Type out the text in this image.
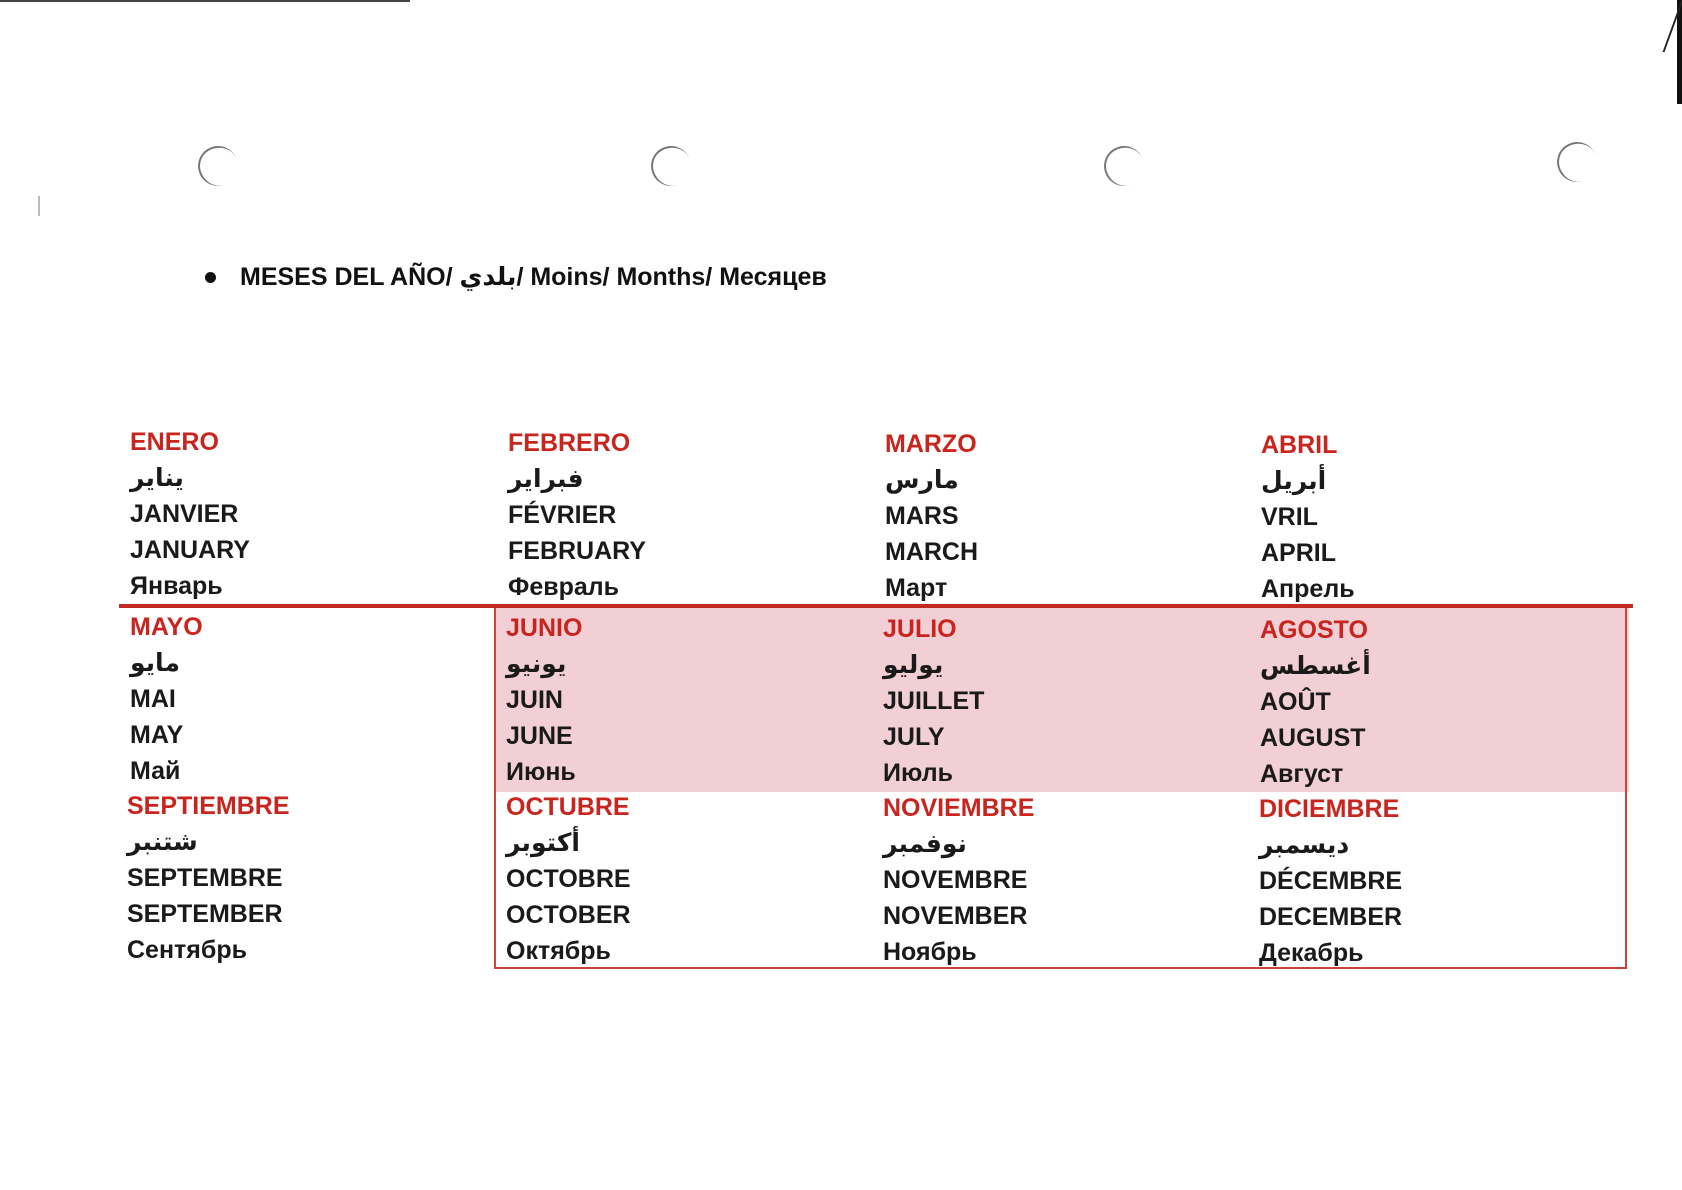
MESES DEL AÑO/ بلدي/ Moins/ Months/ Месяцев
ENERO
يناير
JANVIER
JANUARY
Январь
FEBRERO
فبراير
FÉVRIER
FEBRUARY
Февраль
MARZO
مارس
MARS
MARCH
Март
ABRIL
أبريل
VRIL
APRIL
Апрель
MAYO
مايو
MAI
MAY
Май
JUNIO
يونيو
JUIN
JUNE
Июнь
JULIO
يوليو
JUILLET
JULY
Июль
AGOSTO
أغسطس
AOÛT
AUGUST
Август
SEPTIEMBRE
شتنبر
SEPTEMBRE
SEPTEMBER
Сентябрь
OCTUBRE
أكتوبر
OCTOBRE
OCTOBER
Октябрь
NOVIEMBRE
نوفمبر
NOVEMBRE
NOVEMBER
Ноябрь
DICIEMBRE
ديسمبر
DÉCEMBRE
DECEMBER
Декабрь
